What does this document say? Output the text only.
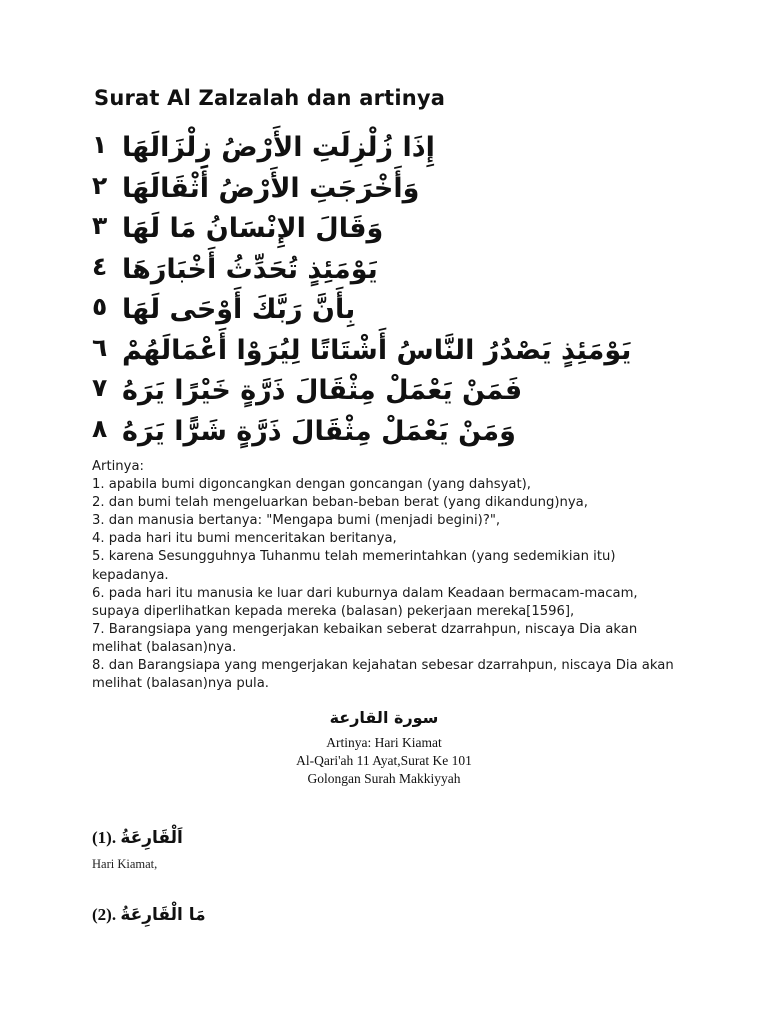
Surat Al Zalzalah dan artinya
١ إِذَا زُلْزِلَتِ الأَرْضُ زِلْزَالَهَا
٢ وَأَخْرَجَتِ الأَرْضُ أَثْقَالَهَا
٣ وَقَالَ الإِنْسَانُ مَا لَهَا
٤ يَوْمَئِذٍ تُحَدِّثُ أَخْبَارَهَا
٥ بِأَنَّ رَبَّكَ أَوْحَى لَهَا
٦ يَوْمَئِذٍ يَصْدُرُ النَّاسُ أَشْتَاتًا لِيُرَوْا أَعْمَالَهُمْ
٧ فَمَنْ يَعْمَلْ مِثْقَالَ ذَرَّةٍ خَيْرًا يَرَهُ
٨ وَمَنْ يَعْمَلْ مِثْقَالَ ذَرَّةٍ شَرًّا يَرَهُ

Artinya:

1. apabila bumi digoncangkan dengan goncangan (yang dahsyat),

2. dan bumi telah mengeluarkan beban-beban berat (yang dikandung)nya,

3. dan manusia bertanya: "Mengapa bumi (menjadi begini)?",

4. pada hari itu bumi menceritakan beritanya,

5. karena Sesungguhnya Tuhanmu telah memerintahkan (yang sedemikian itu) kepadanya.

6. pada hari itu manusia ke luar dari kuburnya dalam Keadaan bermacam-macam, supaya diperlihatkan kepada mereka (balasan) pekerjaan mereka[1596],

7. Barangsiapa yang mengerjakan kebaikan seberat dzarrahpun, niscaya Dia akan melihat (balasan)nya.

8. dan Barangsiapa yang mengerjakan kejahatan sebesar dzarrahpun, niscaya Dia akan melihat (balasan)nya pula.

سورة القارعة
Artinya: Hari Kiamat
Al-Qari'ah 11 Ayat,Surat Ke 101
Golongan Surah Makkiyyah
(1). اَلْقَارِعَةُ
Hari Kiamat,
(2). مَا الْقَارِعَةُ
